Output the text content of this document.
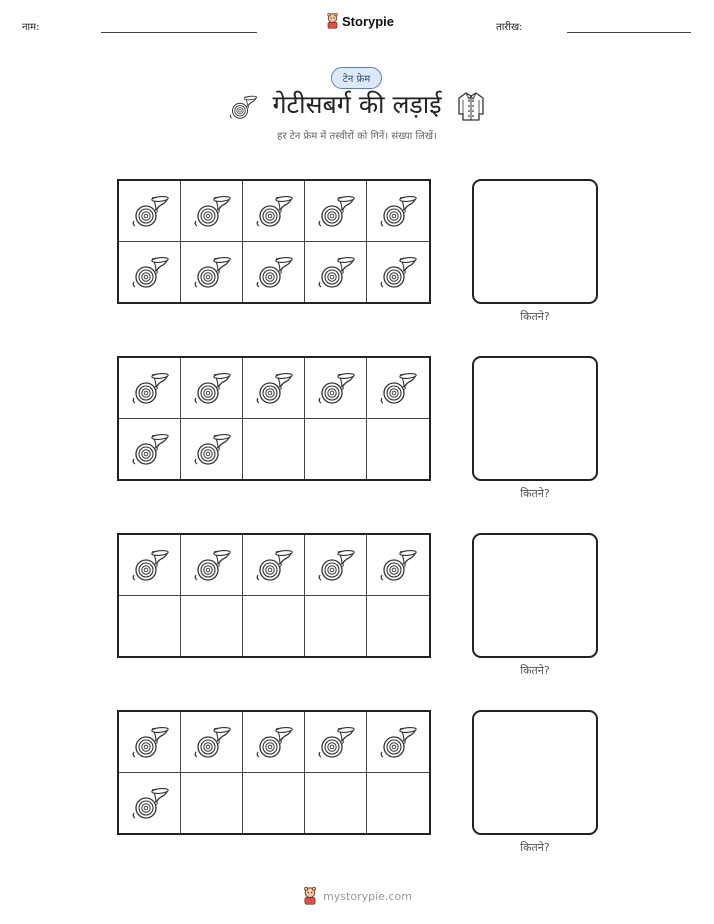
नाम:	Storypie	तारीख:
टेन फ्रेम
गेटीसबर्ग की लड़ाई
हर टेन फ्रेम में तस्वीरों को गिनें। संख्या लिखें।
कितने?
कितने?
कितने?
कितने?
mystorypie.com
